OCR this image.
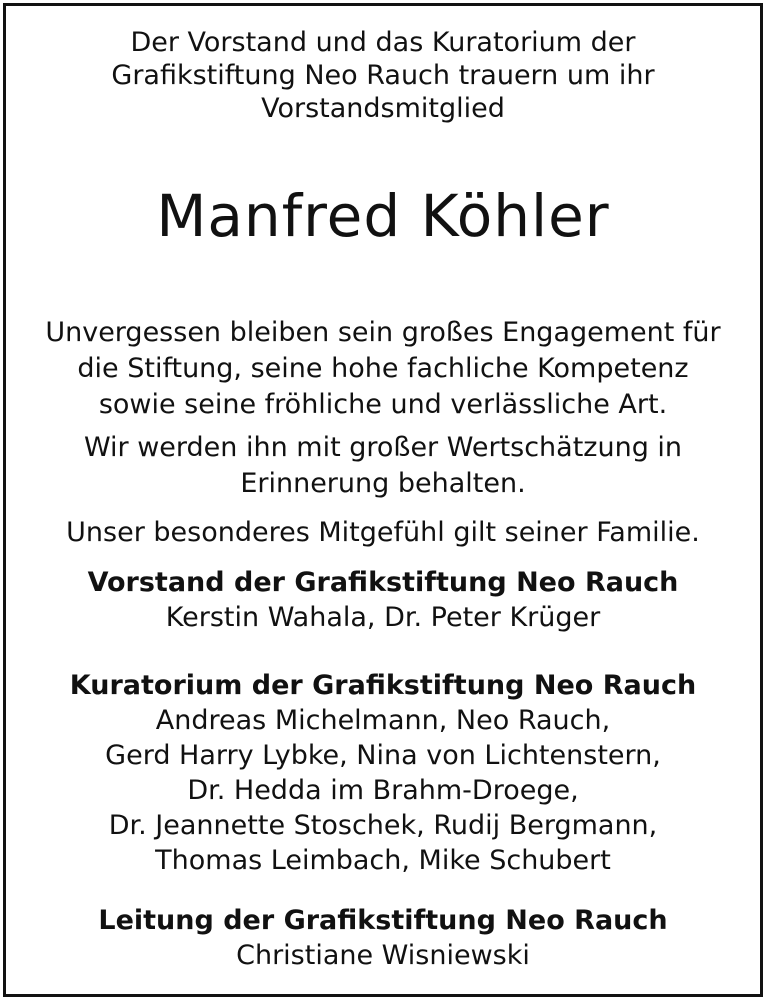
Der Vorstand und das Kuratorium der
Grafikstiftung Neo Rauch trauern um ihr
Vorstandsmitglied
Manfred Köhler
Unvergessen bleiben sein großes Engagement für
die Stiftung, seine hohe fachliche Kompetenz
sowie seine fröhliche und verlässliche Art.
Wir werden ihn mit großer Wertschätzung in
Erinnerung behalten.
Unser besonderes Mitgefühl gilt seiner Familie.
Vorstand der Grafikstiftung Neo Rauch
Kerstin Wahala, Dr. Peter Krüger
Kuratorium der Grafikstiftung Neo Rauch
Andreas Michelmann, Neo Rauch,
Gerd Harry Lybke, Nina von Lichtenstern,
Dr. Hedda im Brahm-Droege,
Dr. Jeannette Stoschek, Rudij Bergmann,
Thomas Leimbach, Mike Schubert
Leitung der Grafikstiftung Neo Rauch
Christiane Wisniewski
